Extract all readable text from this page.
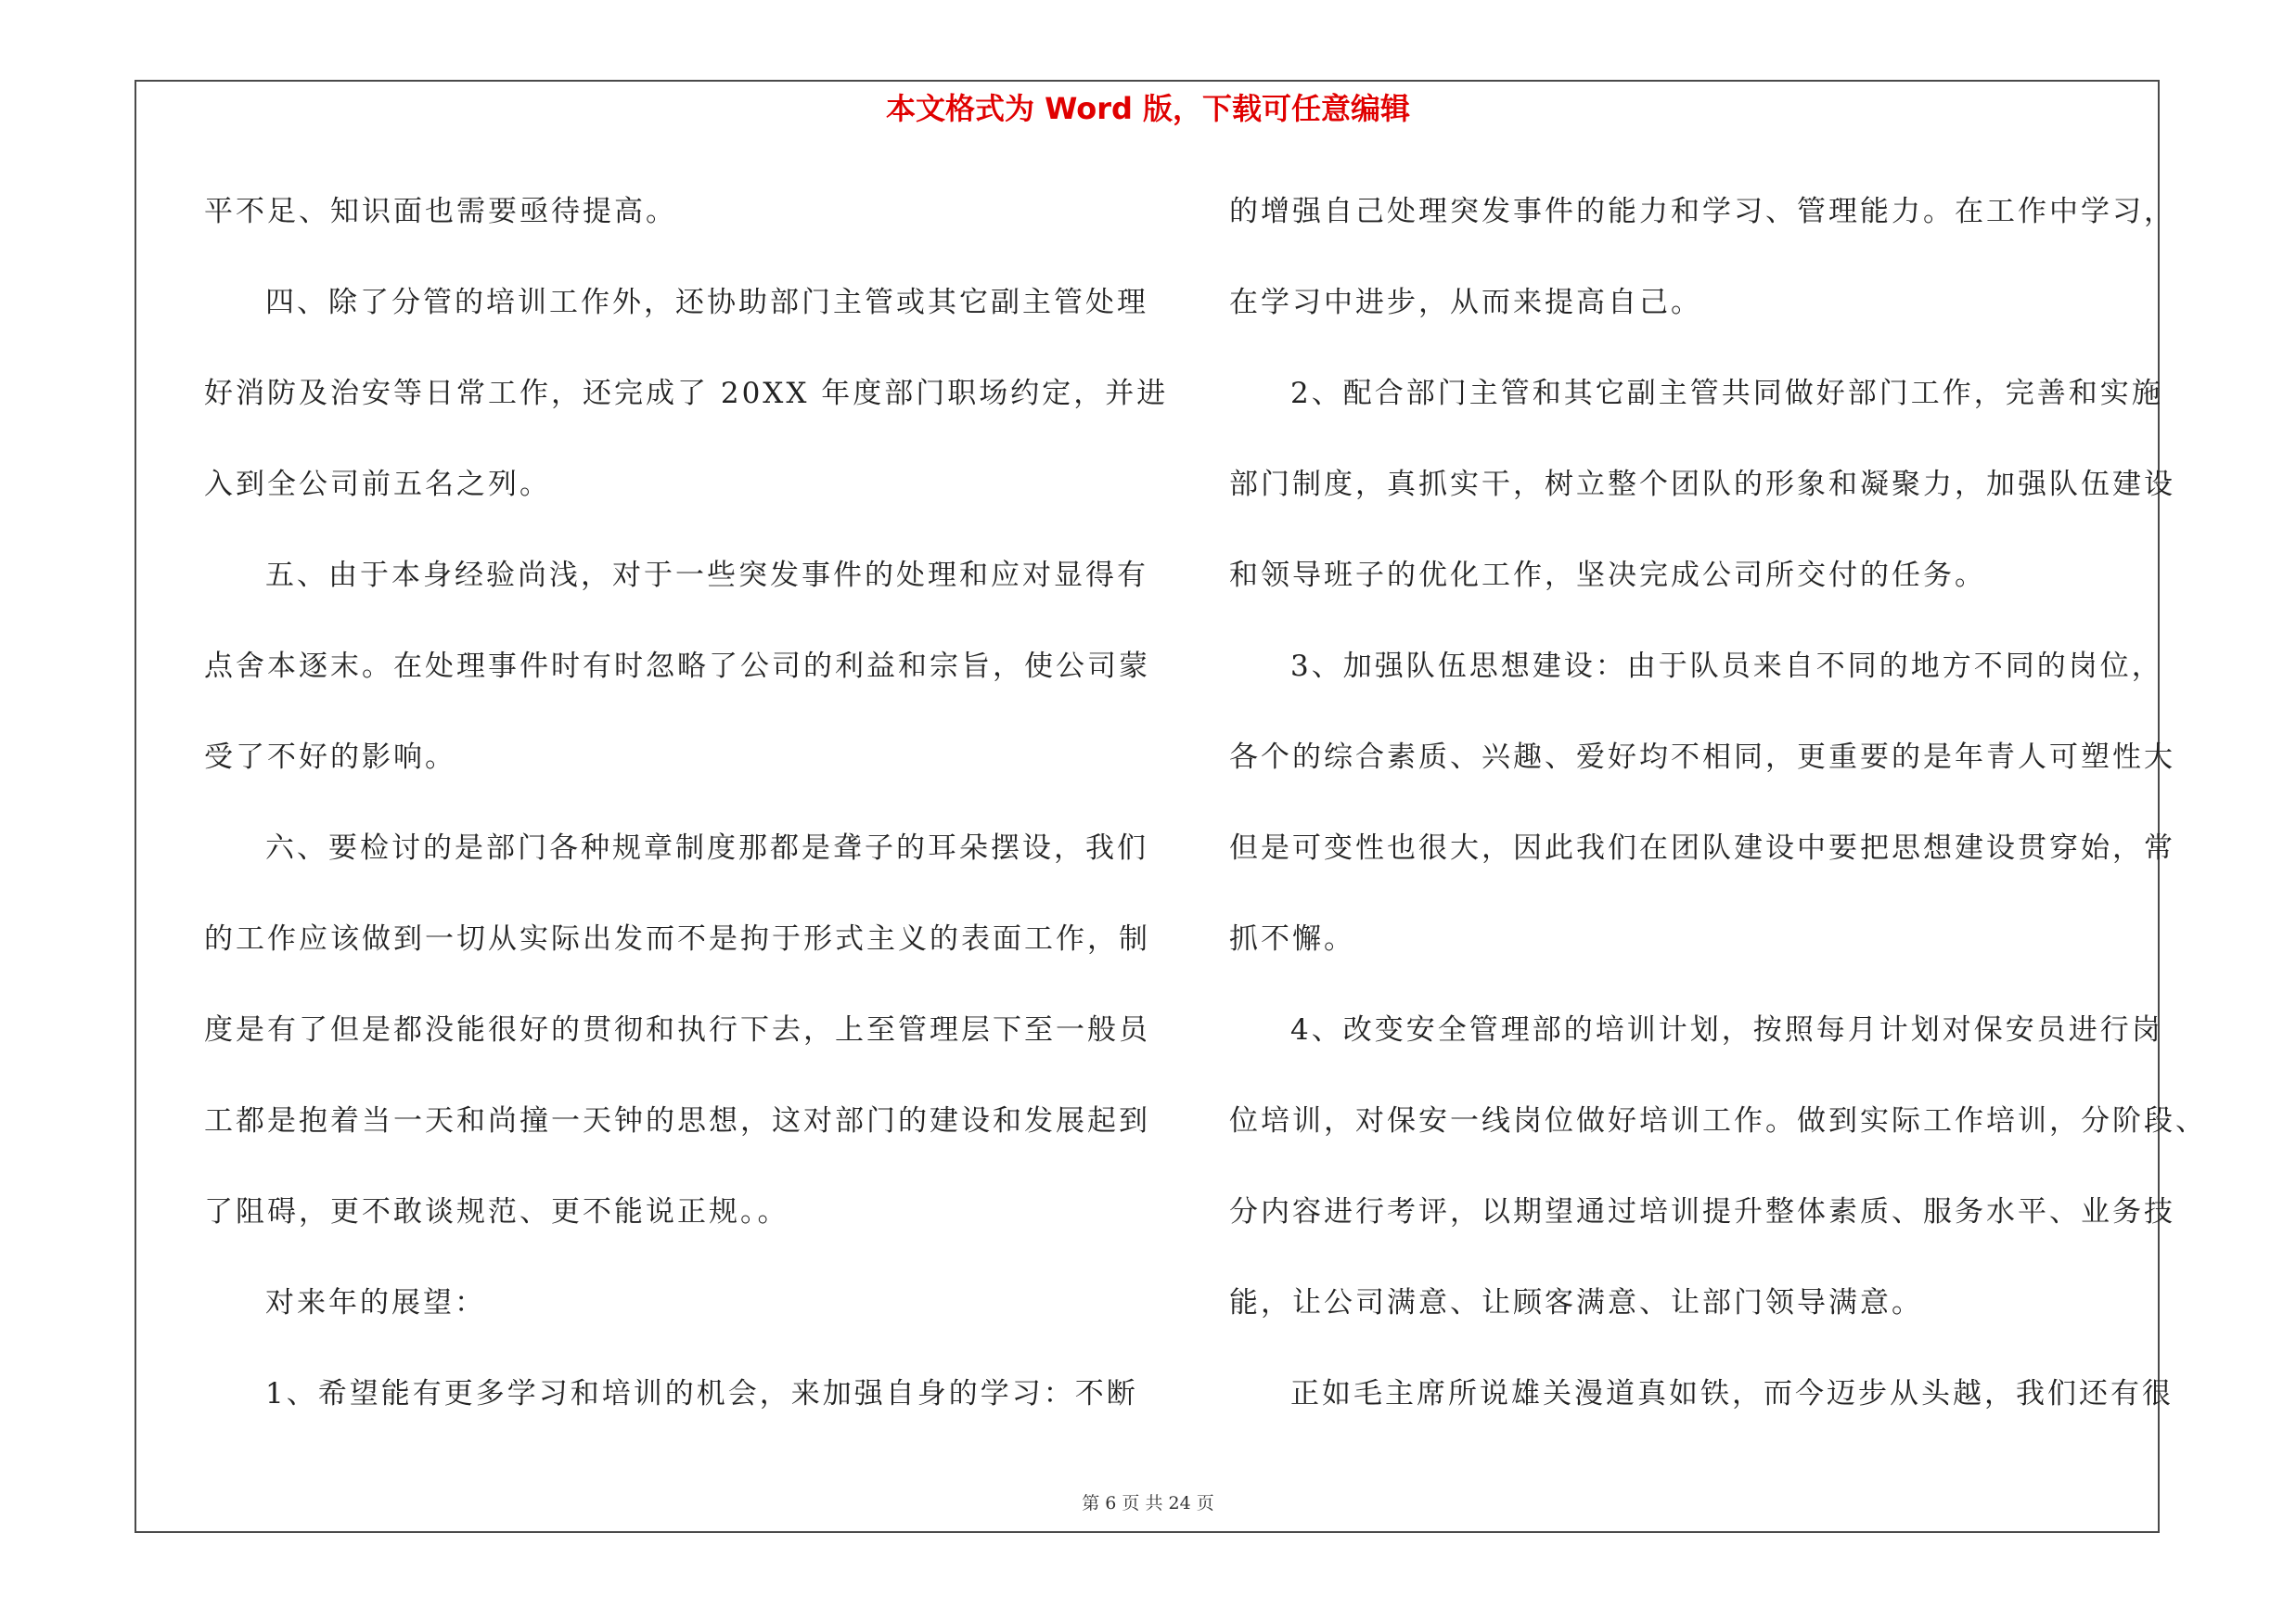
本文格式为 Word 版，下载可任意编辑
平不足、知识面也需要亟待提高。
四、除了分管的培训工作外，还协助部门主管或其它副主管处理
好消防及治安等日常工作，还完成了 20XX 年度部门职场约定，并进
入到全公司前五名之列。
五、由于本身经验尚浅，对于一些突发事件的处理和应对显得有
点舍本逐末。在处理事件时有时忽略了公司的利益和宗旨，使公司蒙
受了不好的影响。
六、要检讨的是部门各种规章制度那都是聋子的耳朵摆设，我们
的工作应该做到一切从实际出发而不是拘于形式主义的表面工作，制
度是有了但是都没能很好的贯彻和执行下去，上至管理层下至一般员
工都是抱着当一天和尚撞一天钟的思想，这对部门的建设和发展起到
了阻碍，更不敢谈规范、更不能说正规。。
对来年的展望：
1、希望能有更多学习和培训的机会，来加强自身的学习：不断
的增强自己处理突发事件的能力和学习、管理能力。在工作中学习，
在学习中进步，从而来提高自己。
2、配合部门主管和其它副主管共同做好部门工作，完善和实施
部门制度，真抓实干，树立整个团队的形象和凝聚力，加强队伍建设
和领导班子的优化工作，坚决完成公司所交付的任务。
3、加强队伍思想建设：由于队员来自不同的地方不同的岗位，
各个的综合素质、兴趣、爱好均不相同，更重要的是年青人可塑性大
但是可变性也很大，因此我们在团队建设中要把思想建设贯穿始，常
抓不懈。
4、改变安全管理部的培训计划，按照每月计划对保安员进行岗
位培训，对保安一线岗位做好培训工作。做到实际工作培训，分阶段、
分内容进行考评，以期望通过培训提升整体素质、服务水平、业务技
能，让公司满意、让顾客满意、让部门领导满意。
正如毛主席所说雄关漫道真如铁，而今迈步从头越，我们还有很
第 6 页 共 24 页
